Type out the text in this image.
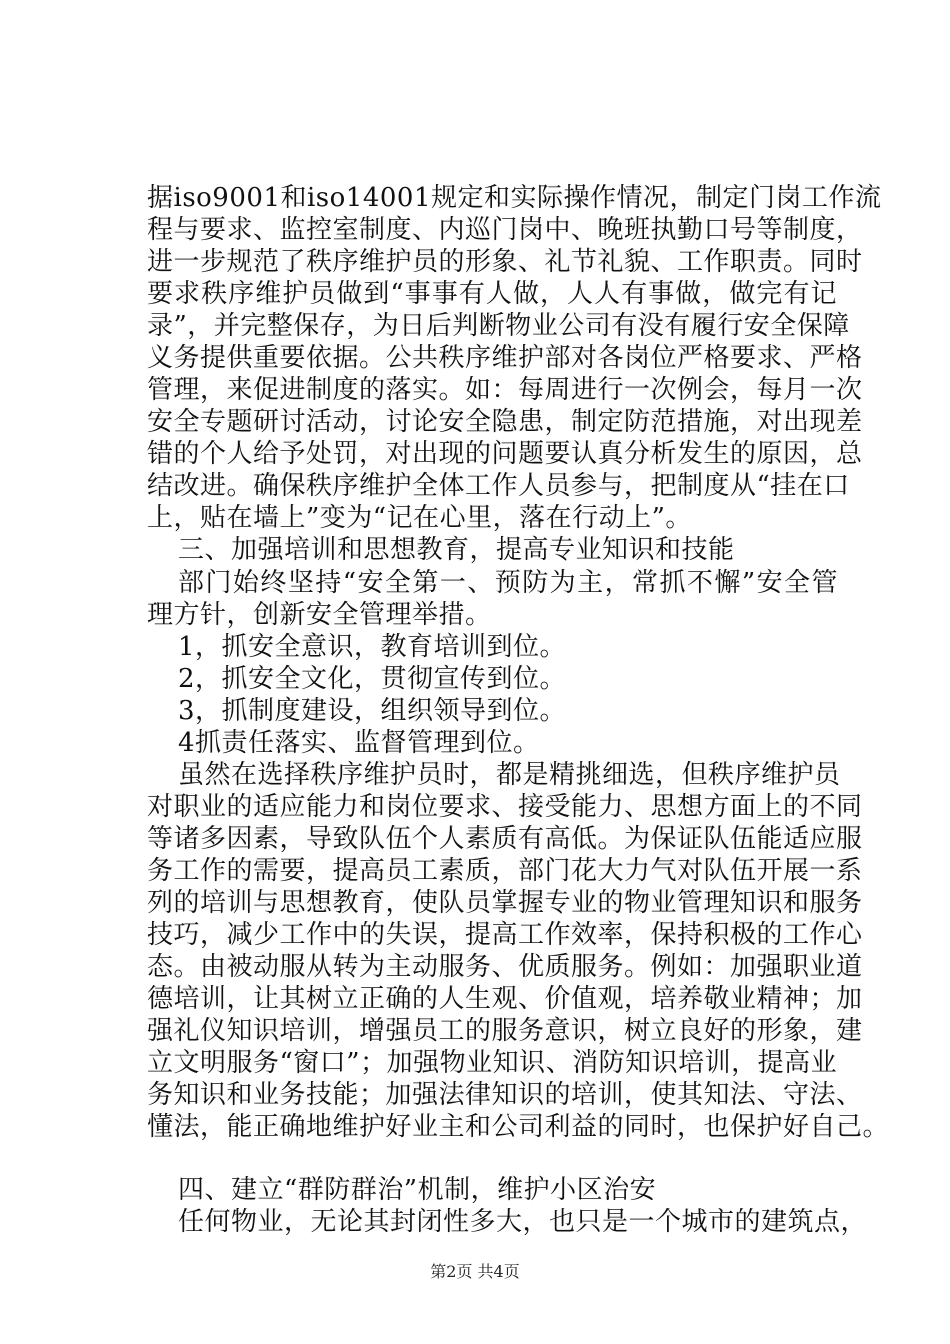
据iso9001和iso14001规定和实际操作情况，制定门岗工作流
程与要求、监控室制度、内巡门岗中、晚班执勤口号等制度，
进一步规范了秩序维护员的形象、礼节礼貌、工作职责。同时
要求秩序维护员做到“事事有人做，人人有事做，做完有记
录”，并完整保存，为日后判断物业公司有没有履行安全保障
义务提供重要依据。公共秩序维护部对各岗位严格要求、严格
管理，来促进制度的落实。如：每周进行一次例会，每月一次
安全专题研讨活动，讨论安全隐患，制定防范措施，对出现差
错的个人给予处罚，对出现的问题要认真分析发生的原因，总
结改进。确保秩序维护全体工作人员参与，把制度从“挂在口
上，贴在墙上”变为“记在心里，落在行动上”。
三、加强培训和思想教育，提高专业知识和技能
部门始终坚持“安全第一、预防为主，常抓不懈”安全管
理方针，创新安全管理举措。
1，抓安全意识，教育培训到位。
2，抓安全文化，贯彻宣传到位。
3，抓制度建设，组织领导到位。
4抓责任落实、监督管理到位。
虽然在选择秩序维护员时，都是精挑细选，但秩序维护员
对职业的适应能力和岗位要求、接受能力、思想方面上的不同
等诸多因素，导致队伍个人素质有高低。为保证队伍能适应服
务工作的需要，提高员工素质，部门花大力气对队伍开展一系
列的培训与思想教育，使队员掌握专业的物业管理知识和服务
技巧，减少工作中的失误，提高工作效率，保持积极的工作心
态。由被动服从转为主动服务、优质服务。例如：加强职业道
德培训，让其树立正确的人生观、价值观，培养敬业精神；加
强礼仪知识培训，增强员工的服务意识，树立良好的形象，建
立文明服务“窗口”；加强物业知识、消防知识培训，提高业
务知识和业务技能；加强法律知识的培训，使其知法、守法、
懂法，能正确地维护好业主和公司利益的同时，也保护好自己。
四、建立“群防群治”机制，维护小区治安
任何物业，无论其封闭性多大，也只是一个城市的建筑点，
第2页 共4页
